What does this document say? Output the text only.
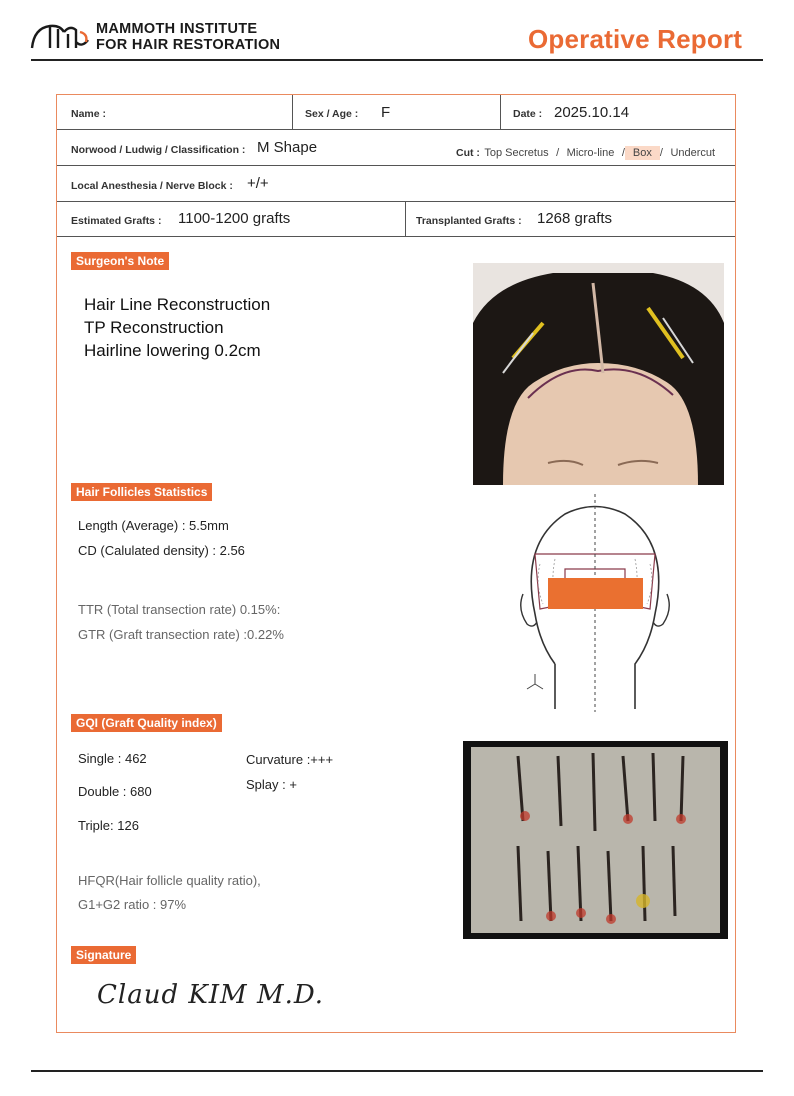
MAMMOTH INSTITUTE
FOR HAIR RESTORATION	Operative Report
Name :	Sex / Age : F	Date : 2025.10.14
Norwood / Ludwig / Classification : M Shape	Cut : Top Secretus  /  Micro-line  / Box /  Undercut
Local Anesthesia / Nerve Block : +/+
Estimated Grafts : 1100-1200 grafts	Transplanted Grafts : 1268 grafts
Surgeon's Note
Hair Line Reconstruction
TP Reconstruction
Hairline lowering 0.2cm
Hair Follicles Statistics
Length (Average) : 5.5mm
CD (Calulated density) : 2.56
TTR (Total transection rate) 0.15%:
GTR (Graft transection rate) :0.22%
GQI (Graft Quality index)
Single : 462
Double : 680
Triple: 126
Curvature :+++
Splay : +
HFQR(Hair follicle quality ratio),
G1+G2 ratio : 97%
Signature
Claud KIM M.D.
